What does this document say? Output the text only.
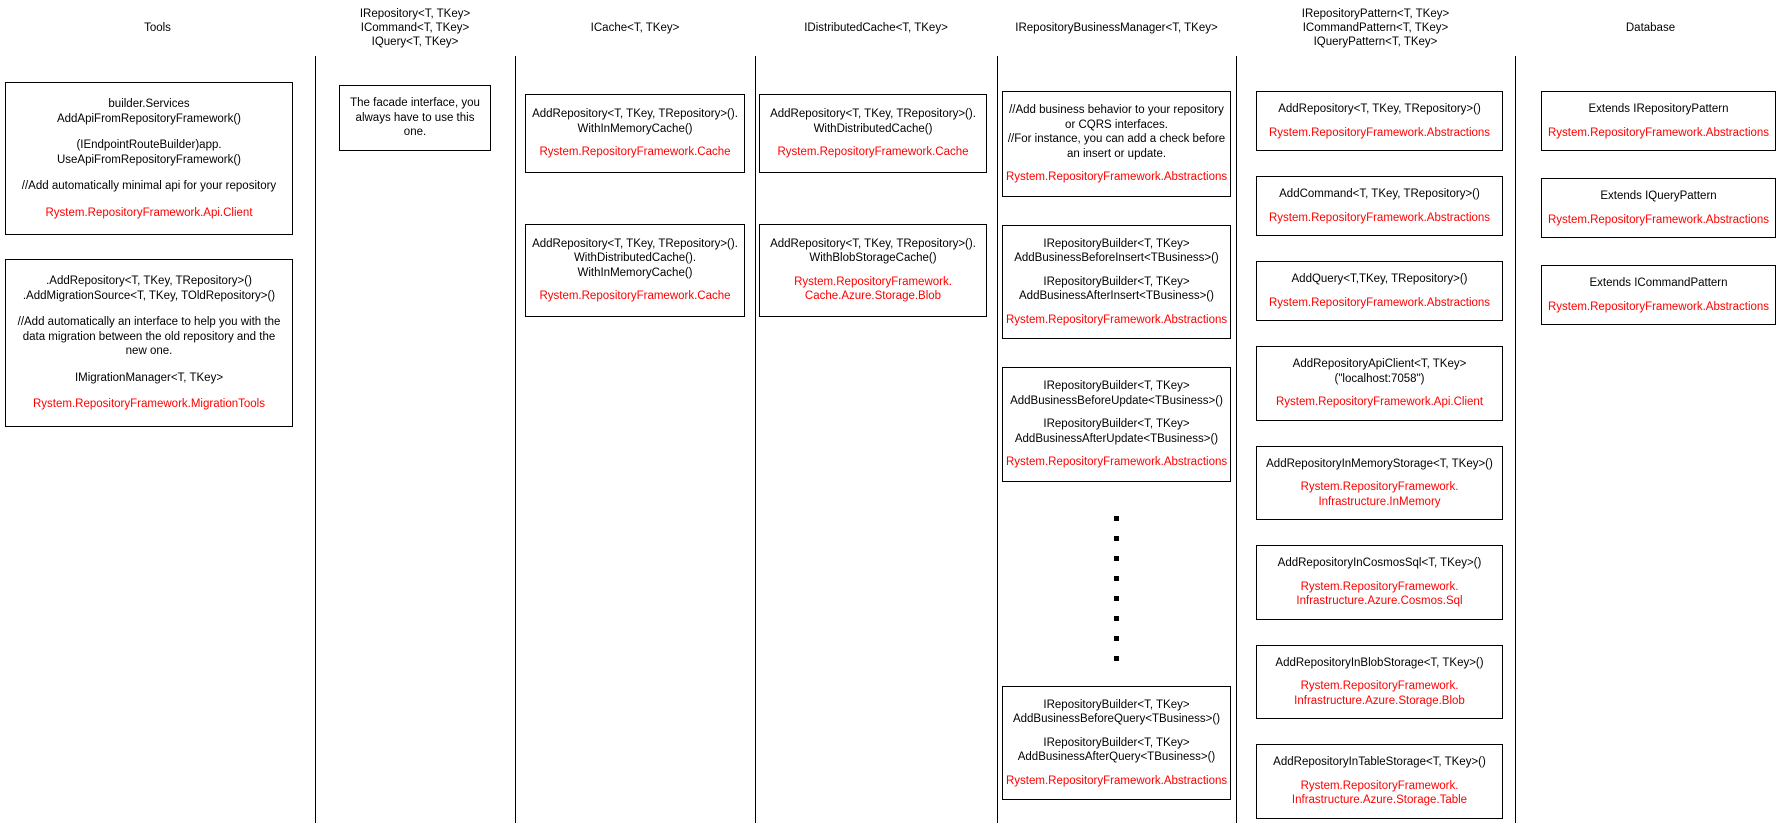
Tools
builder.Services
AddApiFromRepositoryFramework()
(IEndpointRouteBuilder)app.
UseApiFromRepositoryFramework()
//Add automatically minimal api for your repository
Rystem.RepositoryFramework.Api.Client
.AddRepository<T, TKey, TRepository>()
.AddMigrationSource<T, TKey, TOldRepository>()
//Add automatically an interface to help you with the data migration between the old repository and the new one.
IMigrationManager<T, TKey>
Rystem.RepositoryFramework.MigrationTools
IRepository<T, TKey>
ICommand<T, TKey>
IQuery<T, TKey>
The facade interface, you always have to use this one.
ICache<T, TKey>
AddRepository<T, TKey, TRepository>().
WithInMemoryCache()
Rystem.RepositoryFramework.Cache
AddRepository<T, TKey, TRepository>().
WithDistributedCache().
WithInMemoryCache()
Rystem.RepositoryFramework.Cache
IDistributedCache<T, TKey>
AddRepository<T, TKey, TRepository>().
WithDistributedCache()
Rystem.RepositoryFramework.Cache
AddRepository<T, TKey, TRepository>().
WithBlobStorageCache()
Rystem.RepositoryFramework.
Cache.Azure.Storage.Blob
IRepositoryBusinessManager<T, TKey>
//Add business behavior to your repository or CQRS interfaces.
//For instance, you can add a check before an insert or update.
Rystem.RepositoryFramework.Abstractions
IRepositoryBuilder<T, TKey>
AddBusinessBeforeInsert<TBusiness>()
IRepositoryBuilder<T, TKey>
AddBusinessAfterInsert<TBusiness>()
Rystem.RepositoryFramework.Abstractions
IRepositoryBuilder<T, TKey>
AddBusinessBeforeUpdate<TBusiness>()
IRepositoryBuilder<T, TKey>
AddBusinessAfterUpdate<TBusiness>()
Rystem.RepositoryFramework.Abstractions
IRepositoryBuilder<T, TKey>
AddBusinessBeforeQuery<TBusiness>()
IRepositoryBuilder<T, TKey>
AddBusinessAfterQuery<TBusiness>()
Rystem.RepositoryFramework.Abstractions
IRepositoryPattern<T, TKey>
ICommandPattern<T, TKey>
IQueryPattern<T, TKey>
AddRepository<T, TKey, TRepository>()
Rystem.RepositoryFramework.Abstractions
AddCommand<T, TKey, TRepository>()
Rystem.RepositoryFramework.Abstractions
AddQuery<T,TKey, TRepository>()
Rystem.RepositoryFramework.Abstractions
AddRepositoryApiClient<T, TKey>
("localhost:7058")
Rystem.RepositoryFramework.Api.Client
AddRepositoryInMemoryStorage<T, TKey>()
Rystem.RepositoryFramework.
Infrastructure.InMemory
AddRepositoryInCosmosSql<T, TKey>()
Rystem.RepositoryFramework.
Infrastructure.Azure.Cosmos.Sql
AddRepositoryInBlobStorage<T, TKey>()
Rystem.RepositoryFramework.
Infrastructure.Azure.Storage.Blob
AddRepositoryInTableStorage<T, TKey>()
Rystem.RepositoryFramework.
Infrastructure.Azure.Storage.Table
Database
Extends IRepositoryPattern
Rystem.RepositoryFramework.Abstractions
Extends IQueryPattern
Rystem.RepositoryFramework.Abstractions
Extends ICommandPattern
Rystem.RepositoryFramework.Abstractions
